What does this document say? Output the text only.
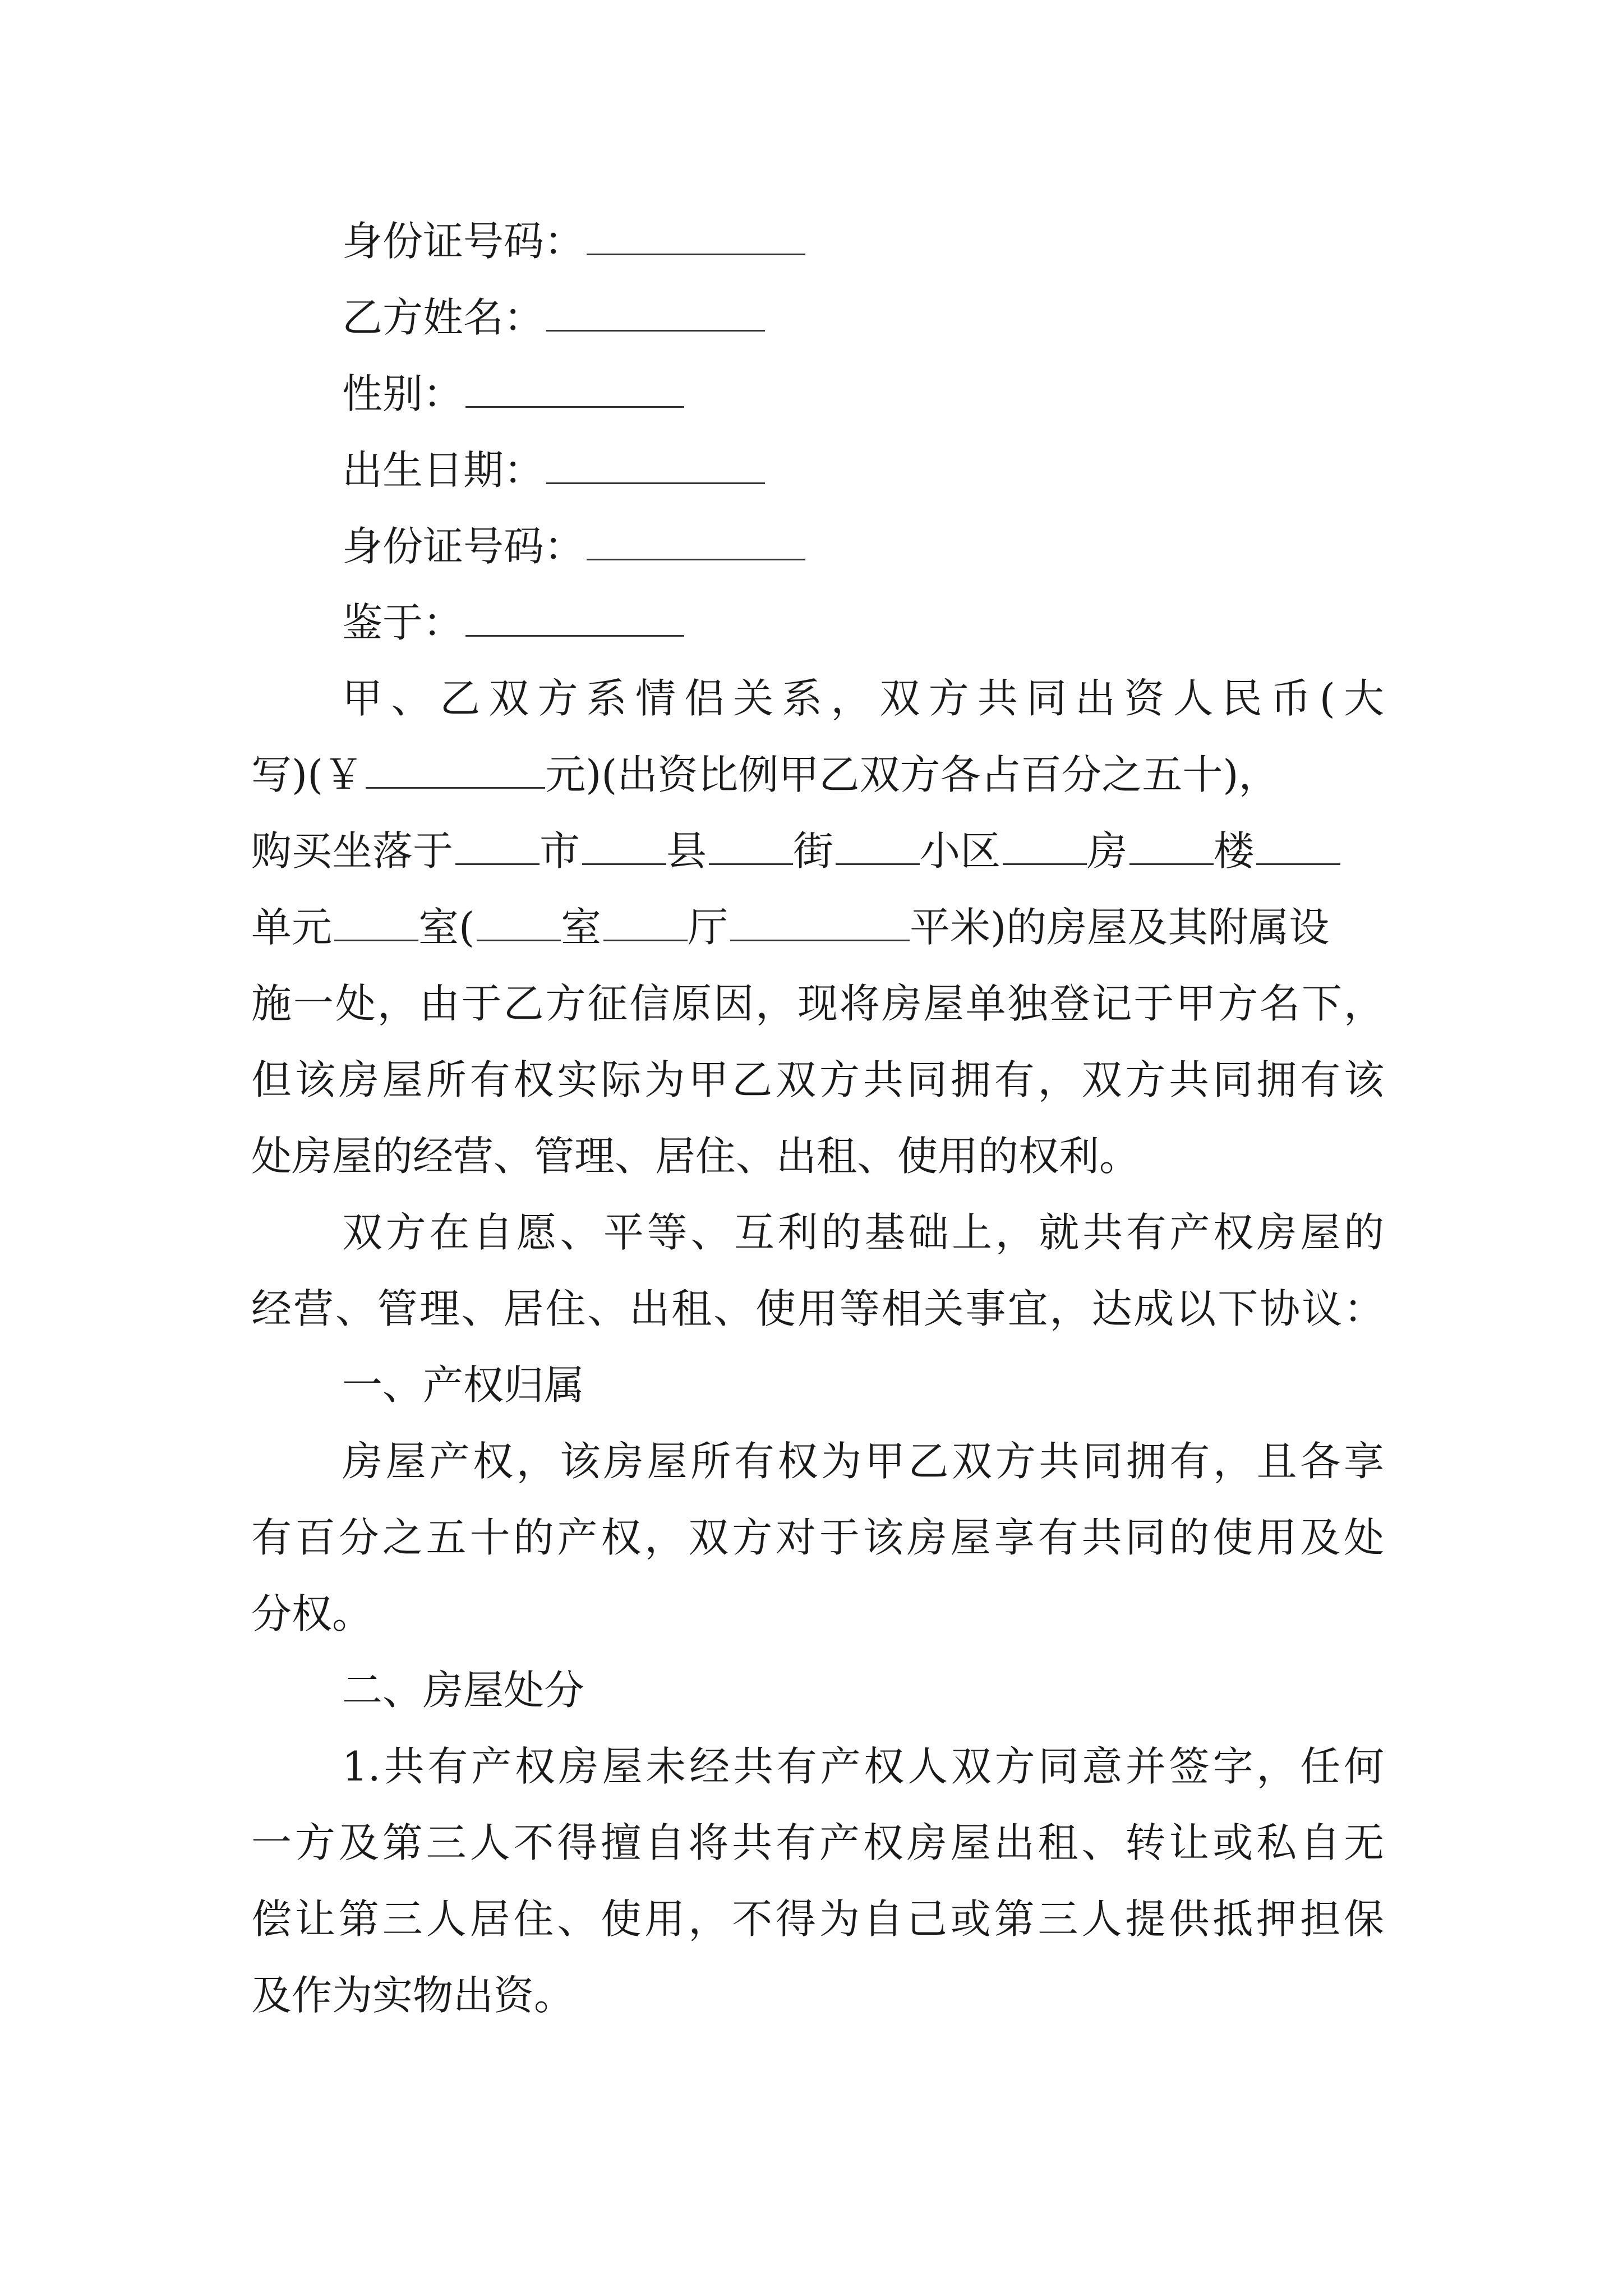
身份证号码：
乙方姓名：
性别：
出生日期：
身份证号码：
鉴于：
甲、乙双方系情侣关系，双方共同出资人民币(大
写)(￥	元)(出资比例甲乙双方各占百分之五十)，
购买坐落于 市 县 街 小区 房 楼
单元 室( 室 厅	平米)的房屋及其附属设
施一处，由于乙方征信原因，现将房屋单独登记于甲方名下，
但该房屋所有权实际为甲乙双方共同拥有，双方共同拥有该
处房屋的经营、管理、居住、出租、使用的权利。
双方在自愿、平等、互利的基础上，就共有产权房屋的
经营、管理、居住、出租、使用等相关事宜，达成以下协议：
一、产权归属
房屋产权，该房屋所有权为甲乙双方共同拥有，且各享
有百分之五十的产权，双方对于该房屋享有共同的使用及处
分权。
二、房屋处分
1.共有产权房屋未经共有产权人双方同意并签字，任何
一方及第三人不得擅自将共有产权房屋出租、转让或私自无
偿让第三人居住、使用，不得为自己或第三人提供抵押担保
及作为实物出资。
